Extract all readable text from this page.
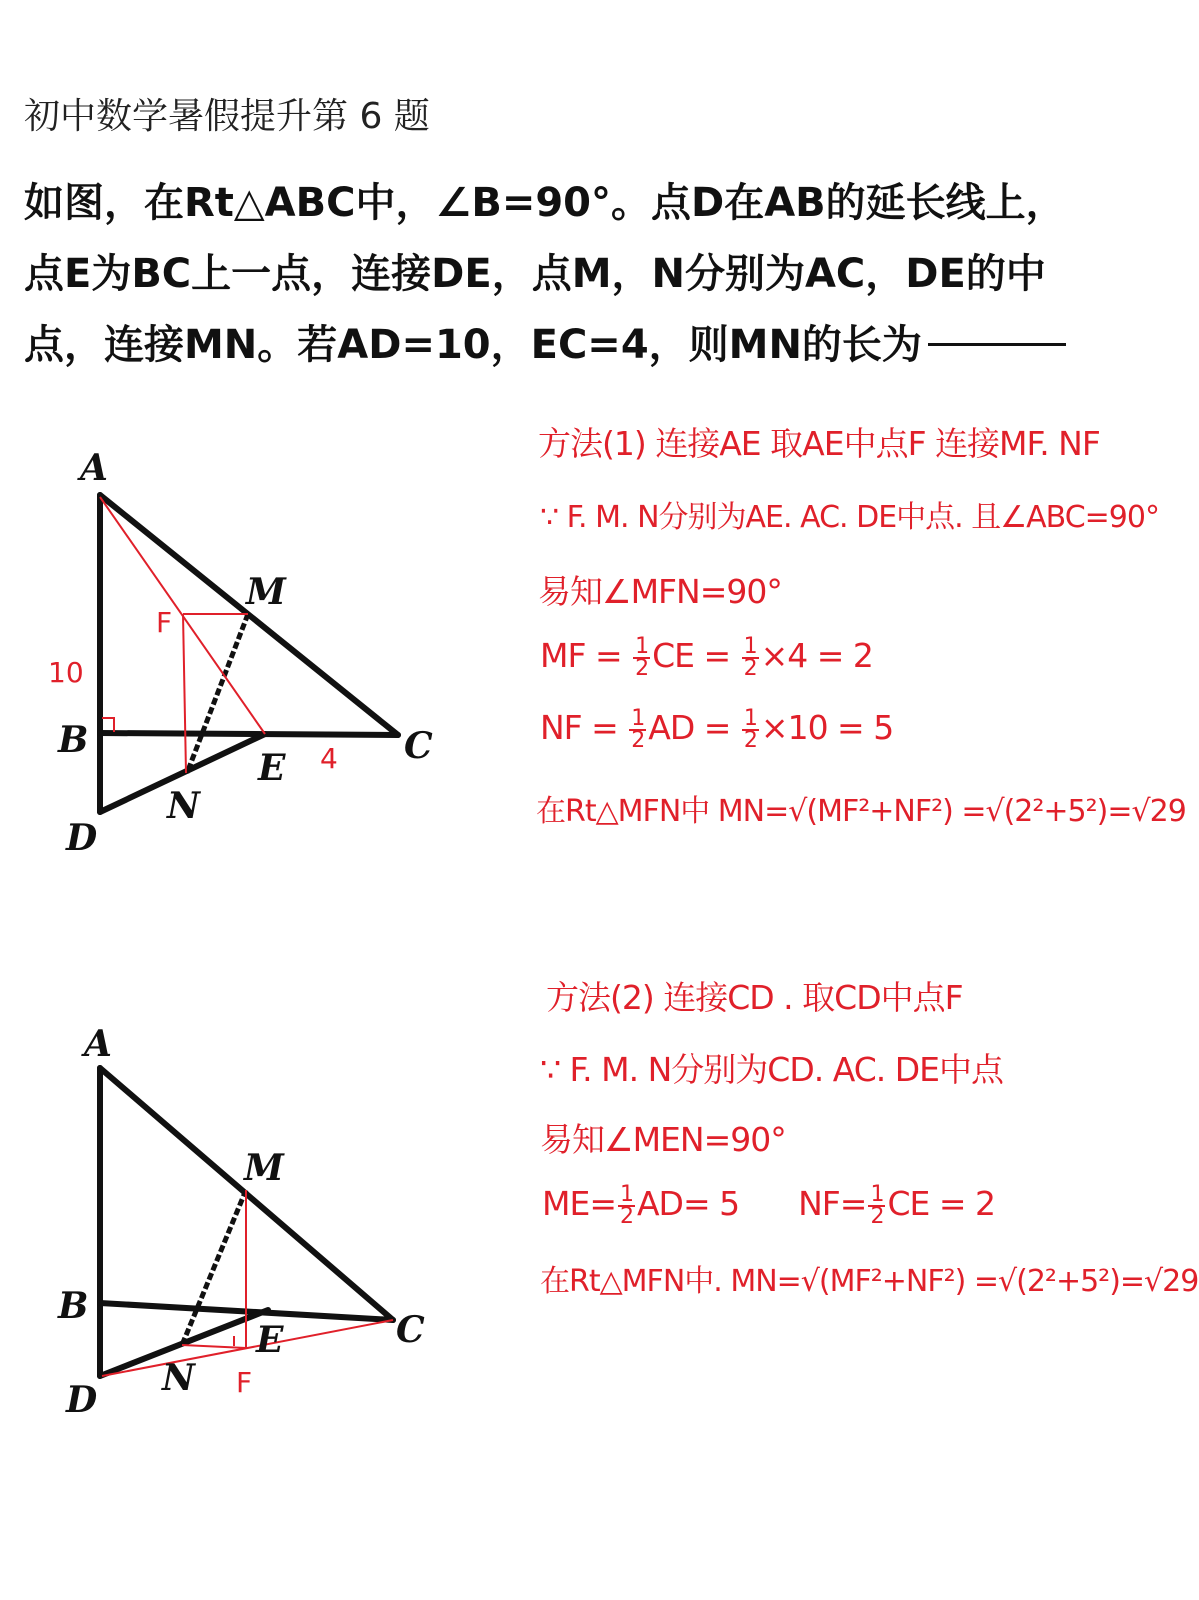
初中数学暑假提升第 6 题
如图，在Rt△ABC中，∠B=90°。点D在AB的延长线上，
点E为BC上一点，连接DE，点M，N分别为AC，DE的中
点，连接MN。若AD=10，EC=4，则MN的长为
A
B	C
D
E
M
N
F
10
4
A
B
C
D
E
M
N F
方法(1) 连接AE 取AE中点F 连接MF. NF
∵ F. M. N分别为AE. AC. DE中点. 且∠ABC=90°
易知∠MFN=90°
MF = $\frac{1}{2}$ CE = $\frac{1}{2} \times 4 = 2$
NF = $\frac{1}{2}$ AD = $\frac{1}{2} \times 10 = 5$
在Rt△MFN中 MN=√(MF²+NF²) =√(2²+5²)=√29
方法(2) 连接CD . 取CD中点F
∵ F. M. N分别为CD. AC. DE中点
易知∠MEN=90°
$ME= \frac{1}{2} AD= 5$ $NF= \frac{1}{2}$ CE = 2
在Rt△MFN中. MN=√(MF²+NF²) =√(2²+5²)=√29
